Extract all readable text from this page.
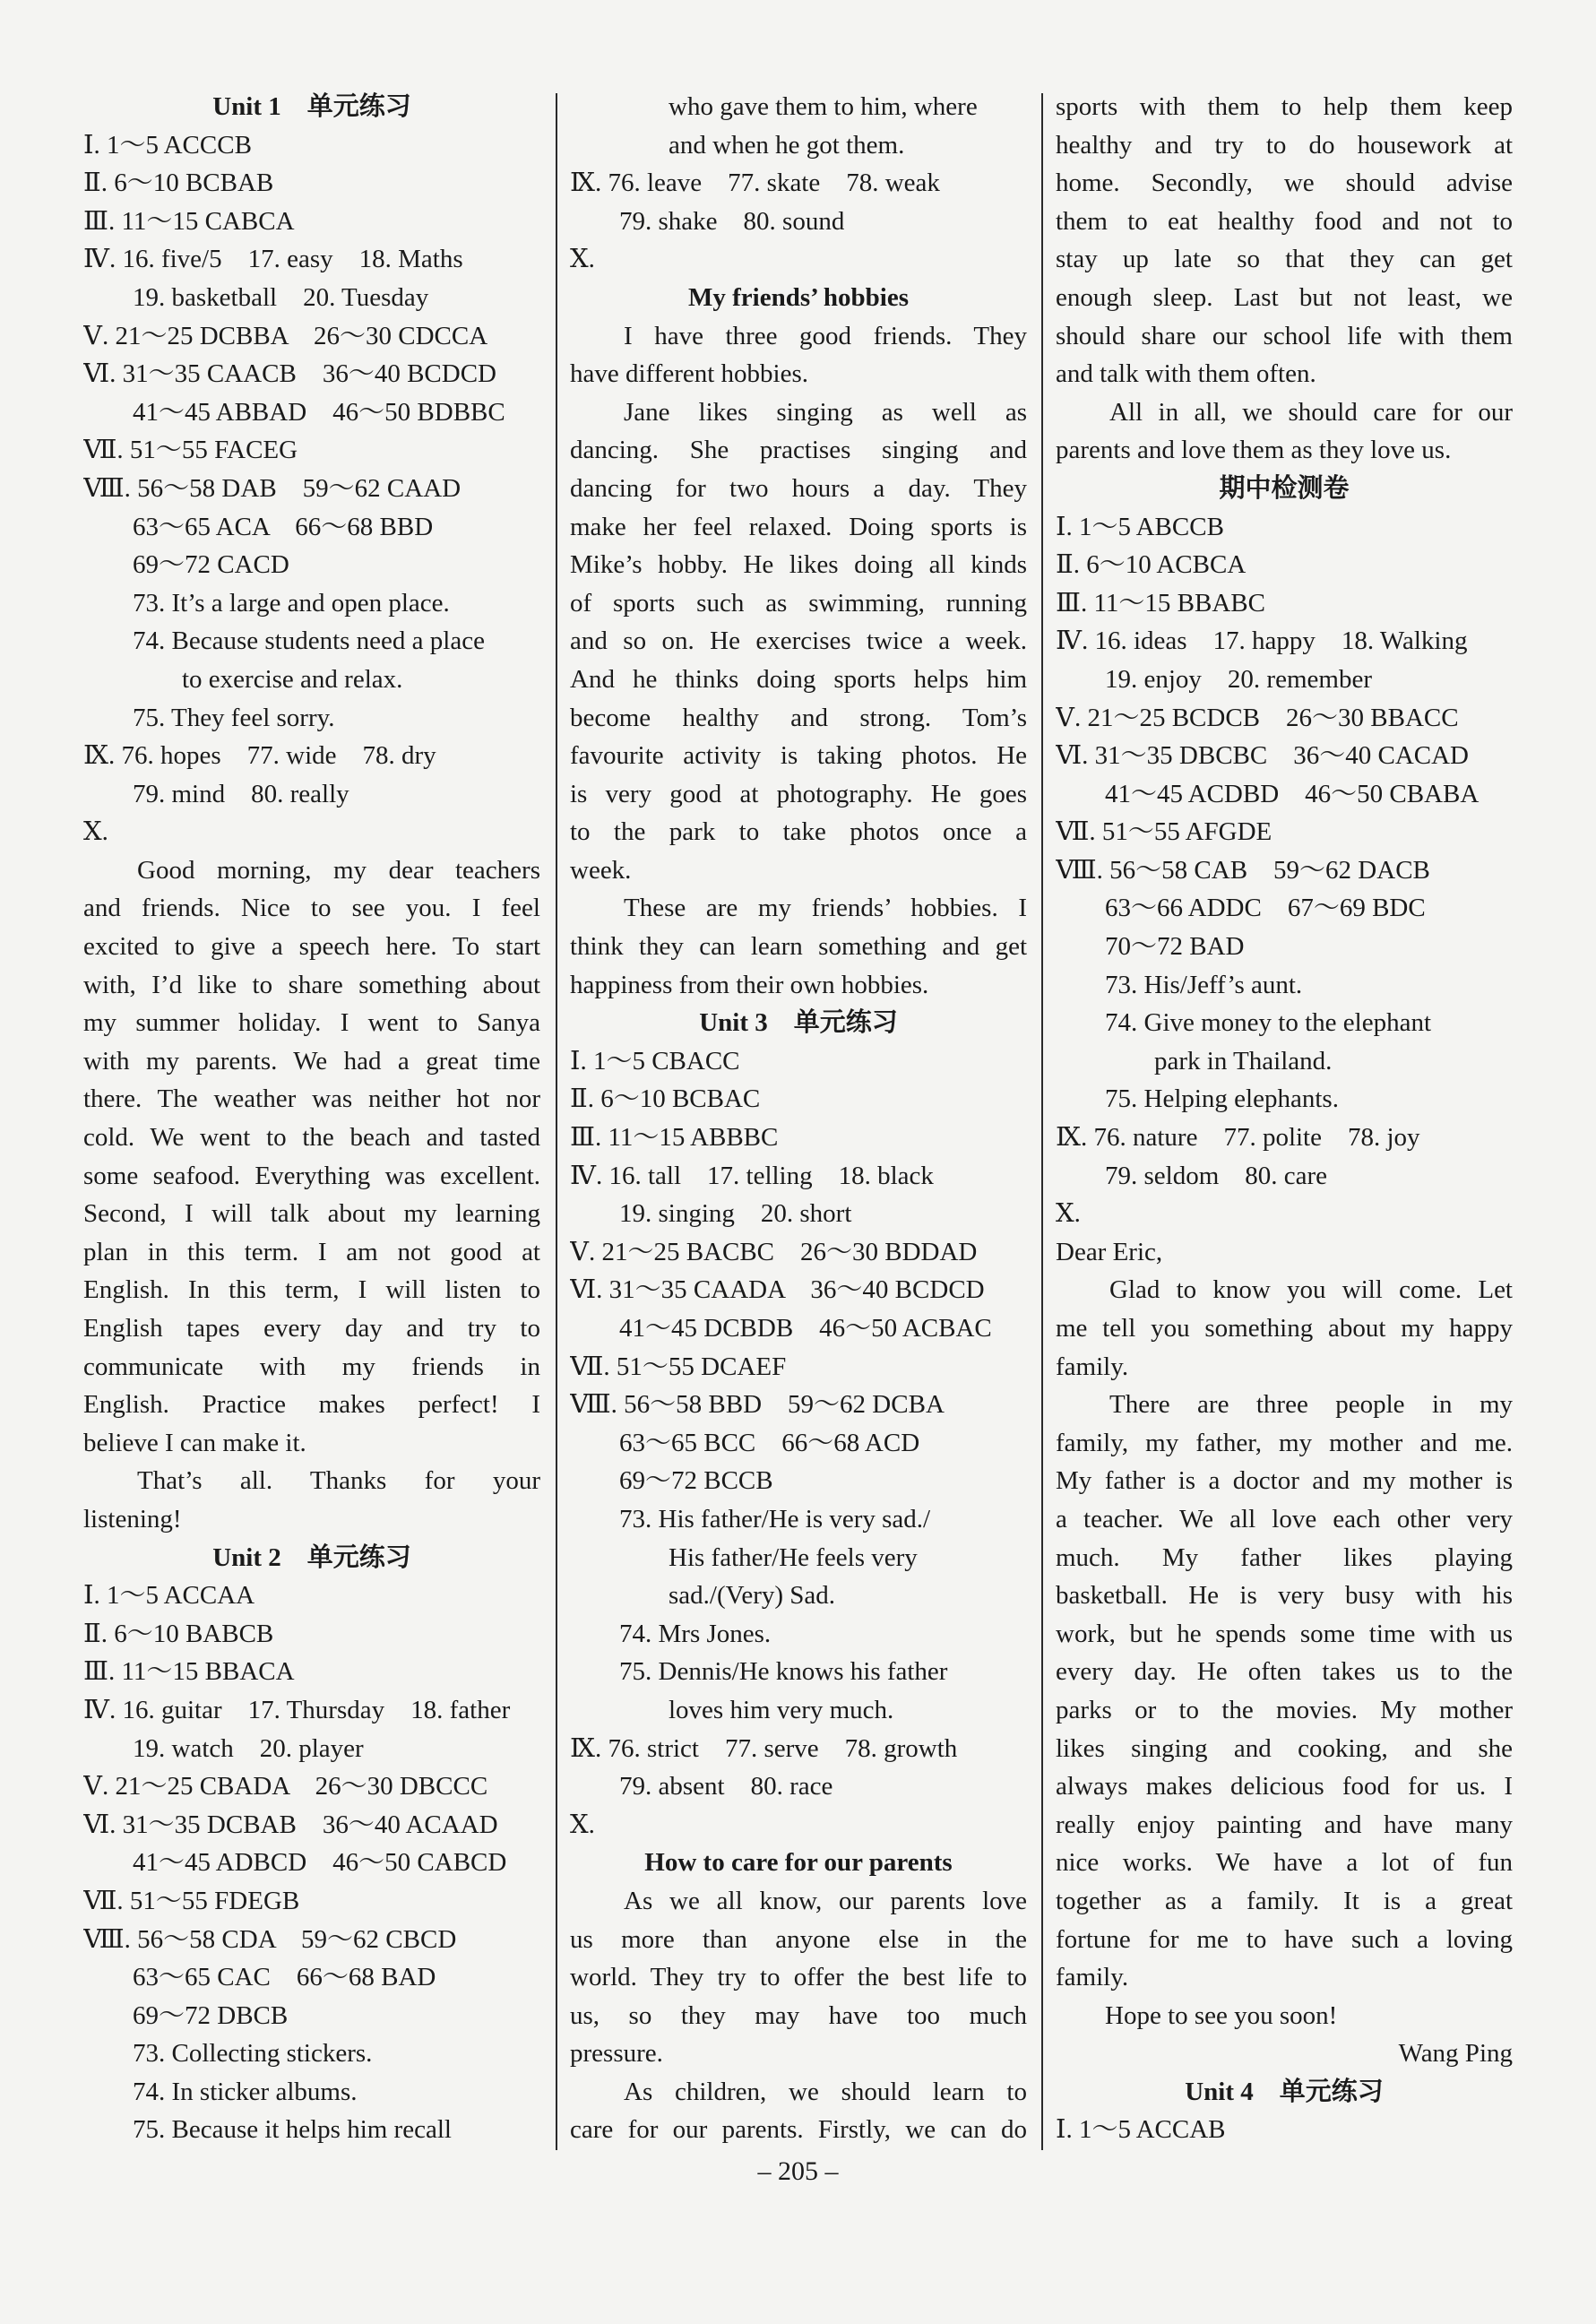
Unit 1　单元练习
Ⅰ. 1～5 ACCCB
Ⅱ. 6～10 BCBAB
Ⅲ. 11～15 CABCA
Ⅳ. 16. five/5　17. easy　18. Maths
19. basketball　20. Tuesday
Ⅴ. 21～25 DCBBA　26～30 CDCCA
Ⅵ. 31～35 CAACB　36～40 BCDCD
41～45 ABBAD　46～50 BDBBC
Ⅶ. 51～55 FACEG
Ⅷ. 56～58 DAB　59～62 CAAD
63～65 ACA　66～68 BBD
69～72 CACD
73. It’s a large and open place.
74. Because students need a place
to exercise and relax.
75. They feel sorry.
Ⅸ. 76. hopes　77. wide　78. dry
79. mind　80. really
Ⅹ.
Good morning, my dear teachers
and friends. Nice to see you. I feel
excited to give a speech here. To start
with, I’d like to share something about
my summer holiday. I went to Sanya
with my parents. We had a great time
there. The weather was neither hot nor
cold. We went to the beach and tasted
some seafood. Everything was excellent.
Second, I will talk about my learning
plan in this term. I am not good at
English. In this term, I will listen to
English tapes every day and try to
communicate with my friends in
English. Practice makes perfect! I
believe I can make it.
That’s all. Thanks for your
listening!
Unit 2　单元练习
Ⅰ. 1～5 ACCAA
Ⅱ. 6～10 BABCB
Ⅲ. 11～15 BBACA
Ⅳ. 16. guitar　17. Thursday　18. father
19. watch　20. player
Ⅴ. 21～25 CBADA　26～30 DBCCC
Ⅵ. 31～35 DCBAB　36～40 ACAAD
41～45 ADBCD　46～50 CABCD
Ⅶ. 51～55 FDEGB
Ⅷ. 56～58 CDA　59～62 CBCD
63～65 CAC　66～68 BAD
69～72 DBCB
73. Collecting stickers.
74. In sticker albums.
75. Because it helps him recall
who gave them to him, where
and when he got them.
Ⅸ. 76. leave　77. skate　78. weak
79. shake　80. sound
Ⅹ.
My friends’ hobbies
I have three good friends. They
have different hobbies.
Jane likes singing as well as
dancing. She practises singing and
dancing for two hours a day. They
make her feel relaxed. Doing sports is
Mike’s hobby. He likes doing all kinds
of sports such as swimming, running
and so on. He exercises twice a week.
And he thinks doing sports helps him
become healthy and strong. Tom’s
favourite activity is taking photos. He
is very good at photography. He goes
to the park to take photos once a
week.
These are my friends’ hobbies. I
think they can learn something and get
happiness from their own hobbies.
Unit 3　单元练习
Ⅰ. 1～5 CBACC
Ⅱ. 6～10 BCBAC
Ⅲ. 11～15 ABBBC
Ⅳ. 16. tall　17. telling　18. black
19. singing　20. short
Ⅴ. 21～25 BACBC　26～30 BDDAD
Ⅵ. 31～35 CAADA　36～40 BCDCD
41～45 DCBDB　46～50 ACBAC
Ⅶ. 51～55 DCAEF
Ⅷ. 56～58 BBD　59～62 DCBA
63～65 BCC　66～68 ACD
69～72 BCCB
73. His father/He is very sad./
His father/He feels very
sad./(Very) Sad.
74. Mrs Jones.
75. Dennis/He knows his father
loves him very much.
Ⅸ. 76. strict　77. serve　78. growth
79. absent　80. race
Ⅹ.
How to care for our parents
As we all know, our parents love
us more than anyone else in the
world. They try to offer the best life to
us, so they may have too much
pressure.
As children, we should learn to
care for our parents. Firstly, we can do
sports with them to help them keep
healthy and try to do housework at
home. Secondly, we should advise
them to eat healthy food and not to
stay up late so that they can get
enough sleep. Last but not least, we
should share our school life with them
and talk with them often.
All in all, we should care for our
parents and love them as they love us.
期中检测卷
Ⅰ. 1～5 ABCCB
Ⅱ. 6～10 ACBCA
Ⅲ. 11～15 BBABC
Ⅳ. 16. ideas　17. happy　18. Walking
19. enjoy　20. remember
Ⅴ. 21～25 BCDCB　26～30 BBACC
Ⅵ. 31～35 DBCBC　36～40 CACAD
41～45 ACDBD　46～50 CBABA
Ⅶ. 51～55 AFGDE
Ⅷ. 56～58 CAB　59～62 DACB
63～66 ADDC　67～69 BDC
70～72 BAD
73. His/Jeff’s aunt.
74. Give money to the elephant
park in Thailand.
75. Helping elephants.
Ⅸ. 76. nature　77. polite　78. joy
79. seldom　80. care
Ⅹ.
Dear Eric,
Glad to know you will come. Let
me tell you something about my happy
family.
There are three people in my
family, my father, my mother and me.
My father is a doctor and my mother is
a teacher. We all love each other very
much. My father likes playing
basketball. He is very busy with his
work, but he spends some time with us
every day. He often takes us to the
parks or to the movies. My mother
likes singing and cooking, and she
always makes delicious food for us. I
really enjoy painting and have many
nice works. We have a lot of fun
together as a family. It is a great
fortune for me to have such a loving
family.
Hope to see you soon!
Wang Ping
Unit 4　单元练习
Ⅰ. 1～5 ACCAB
– 205 –
